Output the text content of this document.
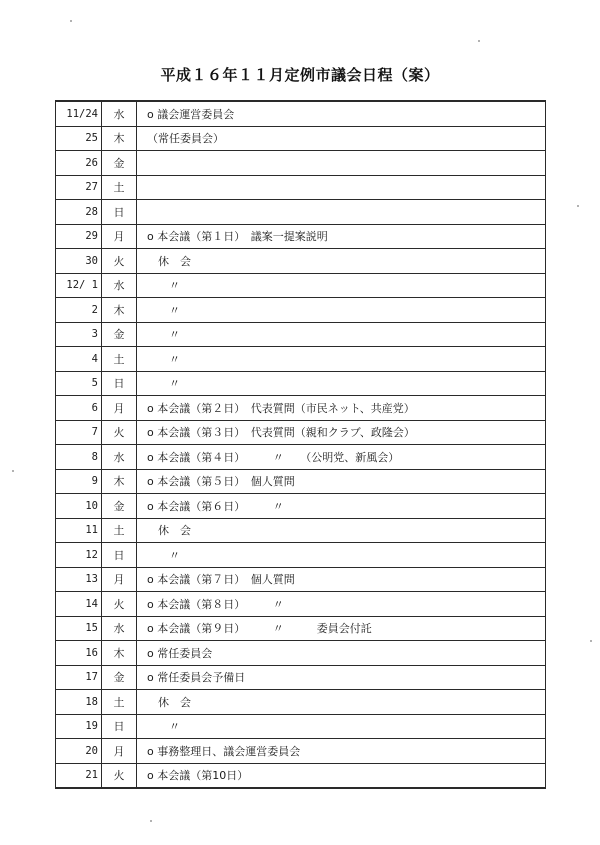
平成１６年１１月定例市議会日程（案）
11/24	水	o 議会運営委員会
25	木	（常任委員会）
26	金	
27	土	
28	日	
29	月	o 本会議（第１日）　議案一提案説明
30	火	　休　会
12/ 1	水	　　〃
2	木	　　〃
3	金	　　〃
4	土	　　〃
5	日	　　〃
6	月	o 本会議（第２日）　代表質問（市民ネット、共産党）
7	火	o 本会議（第３日）　代表質問（親和クラブ、政隆会）
8	水	o 本会議（第４日）　　　〃　　（公明党、新風会）
9	木	o 本会議（第５日）　個人質問
10	金	o 本会議（第６日）　　　〃
11	土	　休　会
12	日	　　〃
13	月	o 本会議（第７日）　個人質問
14	火	o 本会議（第８日）　　　〃
15	水	o 本会議（第９日）　　　〃　　　委員会付託
16	木	o 常任委員会
17	金	o 常任委員会予備日
18	土	　休　会
19	日	　　〃
20	月	o 事務整理日、議会運営委員会
21	火	o 本会議（第10日）
